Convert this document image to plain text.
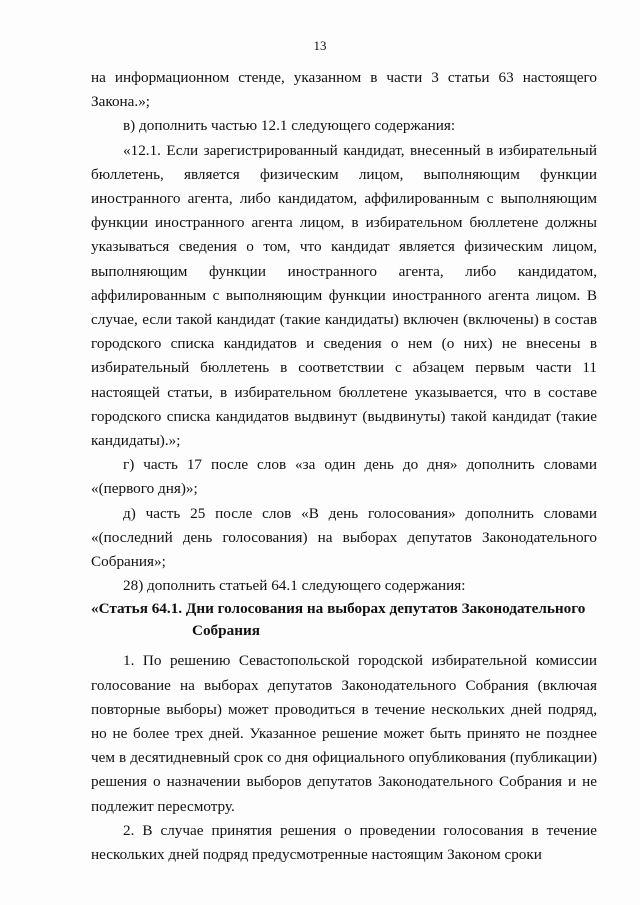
13

на информационном стенде, указанном в части 3 статьи 63 настоящего Закона.»;

в) дополнить частью 12.1 следующего содержания:

«12.1. Если зарегистрированный кандидат, внесенный в избирательный бюллетень, является физическим лицом, выполняющим функции иностранного агента, либо кандидатом, аффилированным с выполняющим функции иностранного агента лицом, в избирательном бюллетене должны указываться сведения о том, что кандидат является физическим лицом, выполняющим функции иностранного агента, либо кандидатом, аффилированным с выполняющим функции иностранного агента лицом. В случае, если такой кандидат (такие кандидаты) включен (включены) в состав городского списка кандидатов и сведения о нем (о них) не внесены в избирательный бюллетень в соответствии с абзацем первым части 11 настоящей статьи, в избирательном бюллетене указывается, что в составе городского списка кандидатов выдвинут (выдвинуты) такой кандидат (такие кандидаты).»;

г) часть 17 после слов «за один день до дня» дополнить словами «(первого дня)»;

д) часть 25 после слов «В день голосования» дополнить словами «(последний день голосования) на выборах депутатов Законодательного Собрания»;

28) дополнить статьей 64.1 следующего содержания:

«Статья 64.1. Дни голосования на выборах депутатов Законодательного
Собрания

1. По решению Севастопольской городской избирательной комиссии голосование на выборах депутатов Законодательного Собрания (включая повторные выборы) может проводиться в течение нескольких дней подряд, но не более трех дней. Указанное решение может быть принято не позднее чем в десятидневный срок со дня официального опубликования (публикации) решения о назначении выборов депутатов Законодательного Собрания и не подлежит пересмотру.

2. В случае принятия решения о проведении голосования в течение нескольких дней подряд предусмотренные настоящим Законом сроки
